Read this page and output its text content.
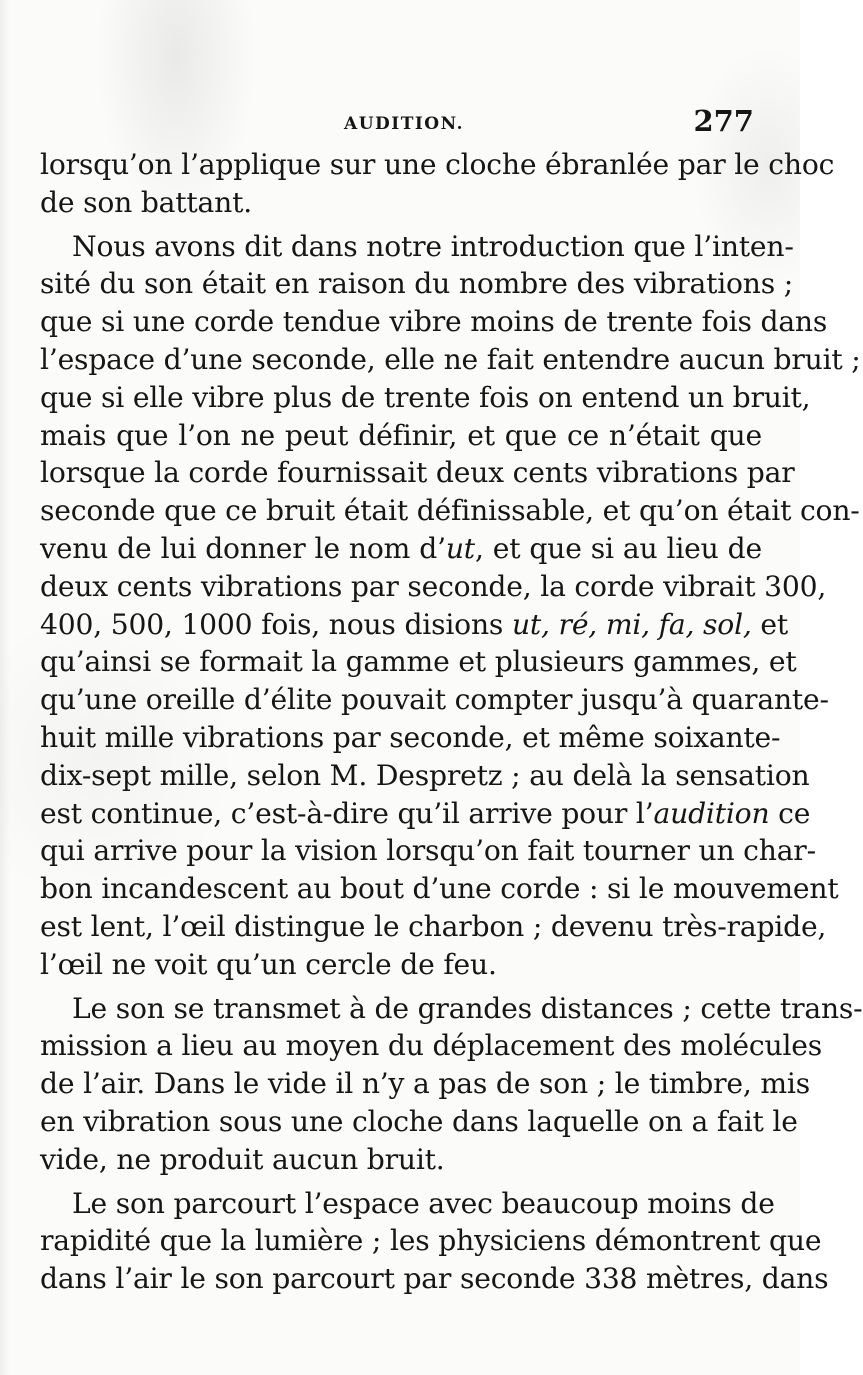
AUDITION.	277
lorsqu’on l’applique sur une cloche ébranlée par le choc
de son battant.
Nous avons dit dans notre introduction que l’inten-
sité du son était en raison du nombre des vibrations ;
que si une corde tendue vibre moins de trente fois dans
l’espace d’une seconde, elle ne fait entendre aucun bruit ;
que si elle vibre plus de trente fois on entend un bruit,
mais que l’on ne peut définir, et que ce n’était que
lorsque la corde fournissait deux cents vibrations par
seconde que ce bruit était définissable, et qu’on était con-
venu de lui donner le nom d’ut, et que si au lieu de
deux cents vibrations par seconde, la corde vibrait 300,
400, 500, 1000 fois, nous disions ut, ré, mi, fa, sol, et
qu’ainsi se formait la gamme et plusieurs gammes, et
qu’une oreille d’élite pouvait compter jusqu’à quarante-
huit mille vibrations par seconde, et même soixante-
dix-sept mille, selon M. Despretz ; au delà la sensation
est continue, c’est-à-dire qu’il arrive pour l’audition ce
qui arrive pour la vision lorsqu’on fait tourner un char-
bon incandescent au bout d’une corde : si le mouvement
est lent, l’œil distingue le charbon ; devenu très-rapide,
l’œil ne voit qu’un cercle de feu.
Le son se transmet à de grandes distances ; cette trans-
mission a lieu au moyen du déplacement des molécules
de l’air. Dans le vide il n’y a pas de son ; le timbre, mis
en vibration sous une cloche dans laquelle on a fait le
vide, ne produit aucun bruit.
Le son parcourt l’espace avec beaucoup moins de
rapidité que la lumière ; les physiciens démontrent que
dans l’air le son parcourt par seconde 338 mètres, dans
